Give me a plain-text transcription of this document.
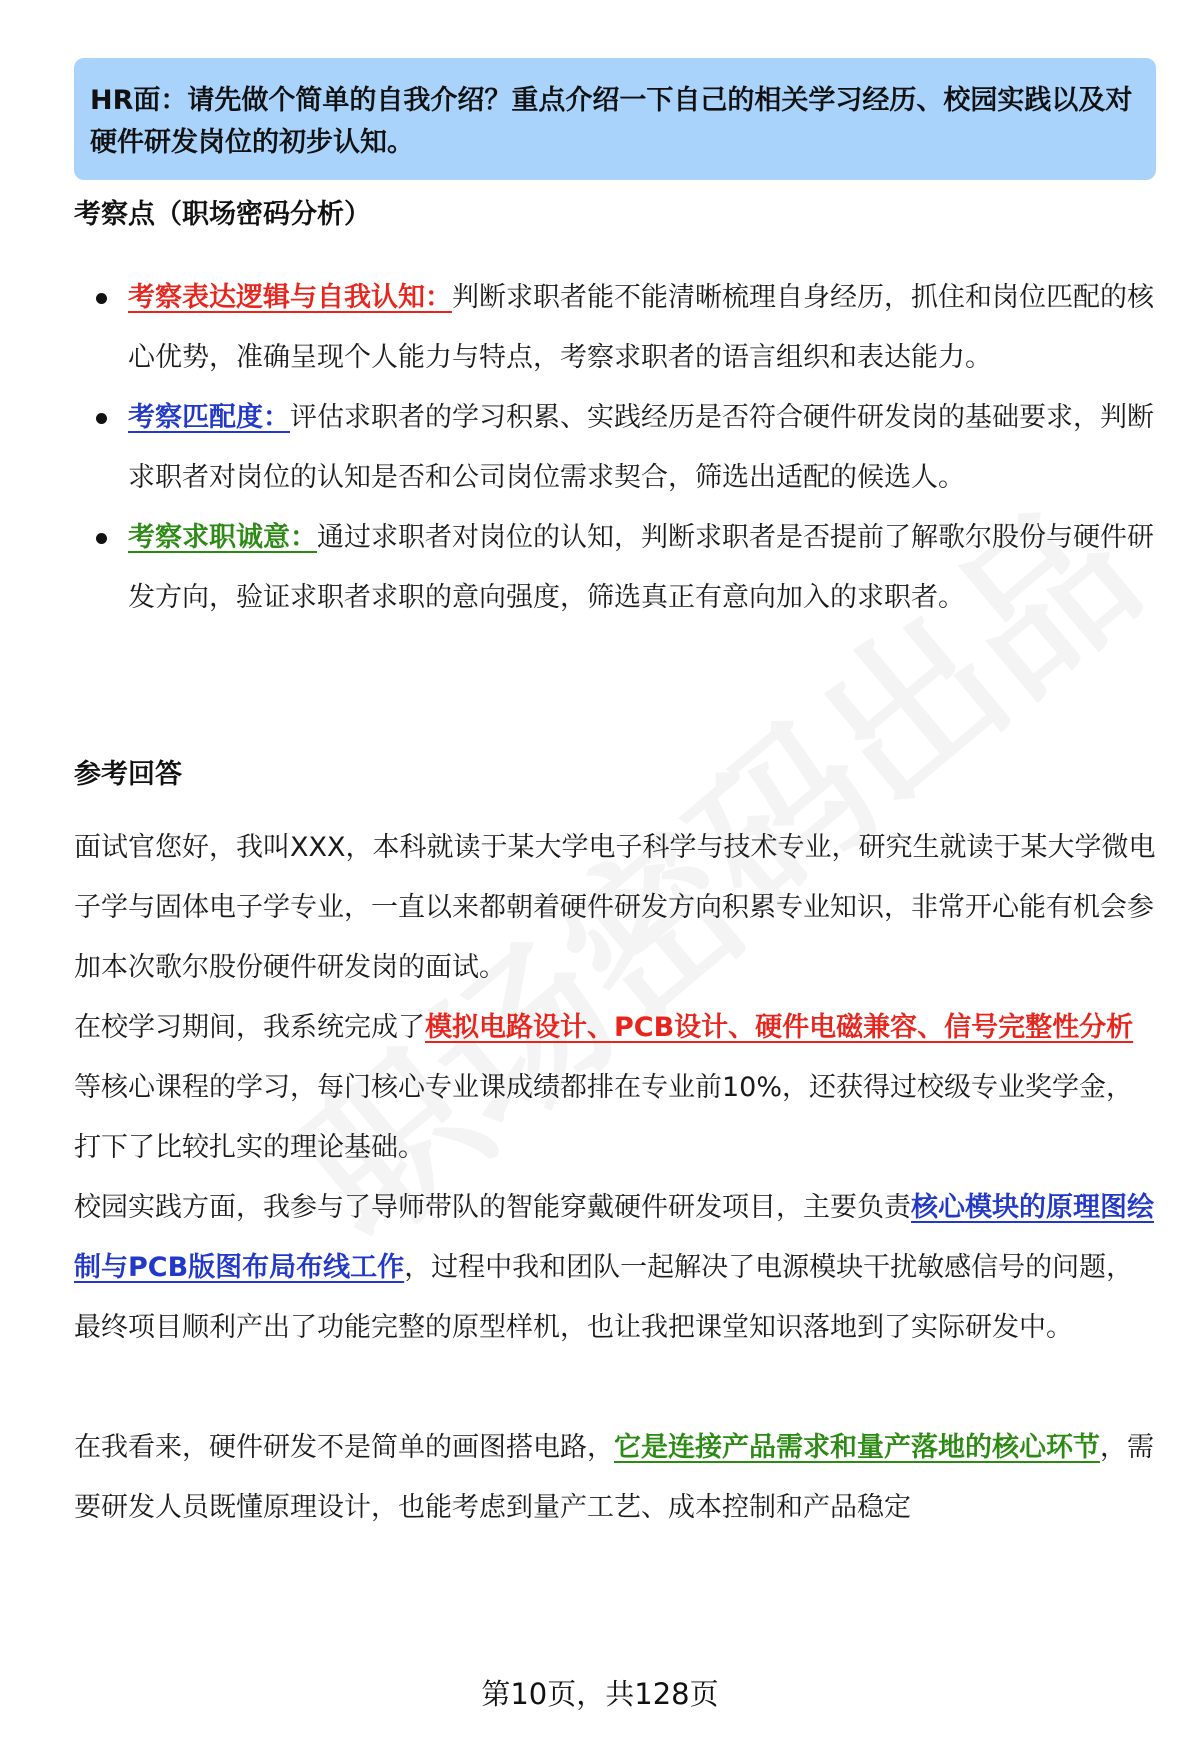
HR面：请先做个简单的自我介绍？重点介绍一下自己的相关学习经历、校园实践以及对硬件研发岗位的初步认知。
考察点（职场密码分析）
考察表达逻辑与自我认知：判断求职者能不能清晰梳理自身经历，抓住和岗位匹配的核心优势，准确呈现个人能力与特点，考察求职者的语言组织和表达能力。
考察匹配度：评估求职者的学习积累、实践经历是否符合硬件研发岗的基础要求，判断求职者对岗位的认知是否和公司岗位需求契合，筛选出适配的候选人。
考察求职诚意：通过求职者对岗位的认知，判断求职者是否提前了解歌尔股份与硬件研发方向，验证求职者求职的意向强度，筛选真正有意向加入的求职者。
参考回答

面试官您好，我叫XXX，本科就读于某大学电子科学与技术专业，研究生就读于某大学微电子学与固体电子学专业，一直以来都朝着硬件研发方向积累专业知识，非常开心能有机会参加本次歌尔股份硬件研发岗的面试。

在校学习期间，我系统完成了模拟电路设计、PCB设计、硬件电磁兼容、信号完整性分析等核心课程的学习，每门核心专业课成绩都排在专业前10%，还获得过校级专业奖学金，打下了比较扎实的理论基础。

校园实践方面，我参与了导师带队的智能穿戴硬件研发项目，主要负责核心模块的原理图绘制与PCB版图布局布线工作，过程中我和团队一起解决了电源模块干扰敏感信号的问题，最终项目顺利产出了功能完整的原型样机，也让我把课堂知识落地到了实际研发中。

在我看来，硬件研发不是简单的画图搭电路，它是连接产品需求和量产落地的核心环节，需要研发人员既懂原理设计，也能考虑到量产工艺、成本控制和产品稳定

第10页，共128页
